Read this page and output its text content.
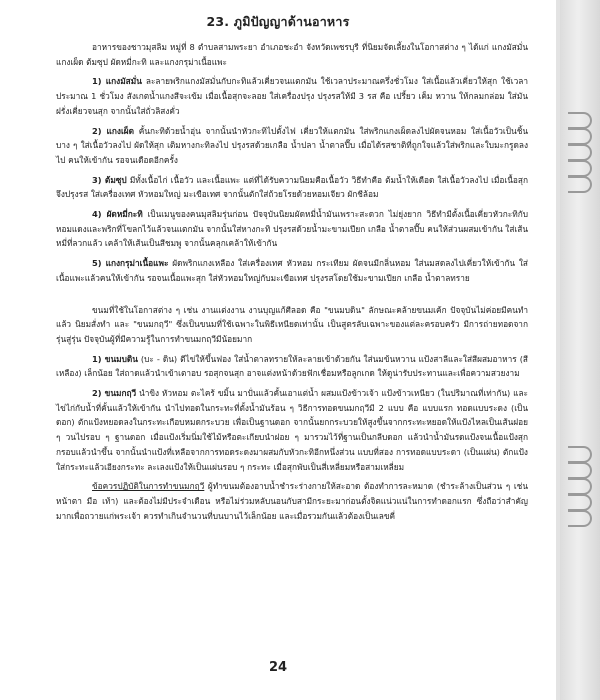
23. ภูมิปัญญาด้านอาหาร

อาหารของชาวมุสลิม หมู่ที่ 8 ตำบลสามพระยา อำเภอชะอำ จังหวัดเพชรบุรี ที่นิยมจัดเลี้ยงในโอกาสต่าง ๆ ได้แก่ แกงมัสมั่น แกงเผ็ด ต้มซุป ผัดหมี่กะทิ และแกงกรุม่าเนื้อแพะ

1) แกงมัสมั่น ละลายพริกแกงมัสมั่นกับกะทิแล้วเคี่ยวจนแตกมัน ใช้เวลาประมาณครึ่งชั่วโมง ใส่เนื้อแล้วเคี่ยวให้สุก ใช้เวลาประมาณ 1 ชั่วโมง สังเกตน้ำแกงสีจะเข้ม เมื่อเนื้อสุกจะลอย ใส่เครื่องปรุง ปรุงรสให้มี 3 รส คือ เปรี้ยว เค็ม หวาน ให้กลมกล่อม ใส่มันฝรั่งเคี่ยวจนสุก จากนั้นใส่ถั่วลิสงคั่ว

2) แกงเผ็ด คั้นกะทิด้วยน้ำอุ่น จากนั้นนำหัวกะทิไปตั้งไฟ เคี่ยวให้แตกมัน ใส่พริกแกงเผ็ดลงไปผัดจนหอม ใส่เนื้อวัวเป็นชิ้นบาง ๆ ใส่เนื้อวัวลงไป ผัดให้สุก เติมหางกะทิลงไป ปรุงรสด้วยเกลือ น้ำปลา น้ำตาลปี๊บ เมื่อได้รสชาติที่ถูกใจแล้วใส่พริกและใบมะกรูดลงไป คนให้เข้ากัน รอจนเดือดอีกครั้ง

3) ต้มซุป มีทั้งเนื้อไก่ เนื้อวัว และเนื้อแพะ แต่ที่ได้รับความนิยมคือเนื้อวัว วิธีทำคือ ต้มน้ำให้เดือด ใส่เนื้อวัวลงไป เมื่อเนื้อสุกจึงปรุงรส ใส่เครื่องเทศ หัวหอมใหญ่ มะเขือเทศ จากนั้นตักใส่ถ้วยโรยด้วยหอมเจียว ผักชีล้อม

4) ผัดหมี่กะทิ เป็นเมนูของคนมุสลิมรุ่นก่อน ปัจจุบันนิยมผัดหมี่น้ำมันเพราะสะดวก ไม่ยุ่งยาก วิธีทำมีตั้งเนื้อเคี่ยวหัวกะทิกับหอมแดงและพริกที่โขลกไว้แล้วจนแตกมัน จากนั้นใส่หางกะทิ ปรุงรสด้วยน้ำมะขามเปียก เกลือ น้ำตาลปี๊บ คนให้ส่วนผสมเข้ากัน ใส่เส้นหมี่ที่ลวกแล้ว เคล้าให้เส้นเป็นสีชมพู จากนั้นคลุกเคล้าให้เข้ากัน

5) แกงกรุม่าเนื้อแพะ ผัดพริกแกงเหลือง ใส่เครื่องเทศ หัวหอม กระเทียม ผัดจนมีกลิ่นหอม ใส่นมสดลงไปเคี่ยวให้เข้ากัน ใส่เนื้อแพะแล้วคนให้เข้ากัน รอจนเนื้อแพะสุก ใส่หัวหอมใหญ่กับมะเขือเทศ ปรุงรสโดยใช้มะขามเปียก เกลือ น้ำตาลทราย

ขนมที่ใช้ในโอกาสต่าง ๆ เช่น งานแต่งงาน งานบุญแก้ศีลอด คือ "ขนมบดิน" ลักษณะคล้ายขนมเค้ก ปัจจุบันไม่ค่อยมีคนทำแล้ว นิยมสั่งทำ และ "ขนมกฤวี" ซึ่งเป็นขนมที่ใช้เฉพาะในพิธีเหนียดเท่านั้น เป็นสูตรลับเฉพาะของแต่ละครอบครัว มีการถ่ายทอดจากรุ่นสู่รุ่น ปัจจุบันผู้ที่มีความรู้ในการทำขนมกฤวีมีน้อยมาก

1) ขนมบดิน (บะ - ดิน) ตีไข่ให้ขึ้นฟอง ใส่น้ำตาลทรายให้ละลายเข้าด้วยกัน ใส่นมข้นหวาน แป้งสาลีและใส่สีผสมอาหาร (สีเหลือง) เล็กน้อย ใส่ถาดแล้วนำเข้าเตาอบ รอสุกจนสุก อาจแต่งหน้าด้วยฟักเชื่อมหรือลูกเกด ให้ดูน่ารับประทานและเพื่อความสวยงาม

2) ขนมกฤวี นำขิง หัวหอม ตะไคร้ ขมิ้น มาปั่นแล้วคั้นเอาแต่น้ำ ผสมแป้งข้าวเจ้า แป้งข้าวเหนียว (ในปริมาณที่เท่ากัน) และไข่ไก่กับน้ำที่คั้นแล้วให้เข้ากัน นำไปทอดในกระทะที่ตั้งน้ำมันร้อน ๆ วิธีการทอดขนมกฤวีมี 2 แบบ คือ แบบแรก ทอดแบบระดง (เป็นดอก) ตักแป้งหยอดลงในกระทะเกือบหมดกระบวย เพื่อเป็นฐานดอก จากนั้นยกกระบวยให้สูงขึ้นจากกระทะหยอดให้แป้งไหลเป็นเส้นฝอย ๆ วนไปรอบ ๆ ฐานดอก เมื่อแป้งเริ่มนิ่มใช้ไม้หรือตะเกียบนำฝอย ๆ มารวมไว้ที่ฐานเป็นกลีบดอก แล้วนำน้ำมันรดแป้งจนเนื้อแป้งสุกกรอบแล้วนำขึ้น จากนั้นนำแป้งที่เหลือจากการทอดระดงมาผสมกับหัวกะทิอีกหนึ่งส่วน แบบที่สอง การทอดแบบระดา (เป็นแผ่น) ตักแป้งใส่กระทะแล้วเอียงกระทะ ละเลงแป้งให้เป็นแผ่นรอบ ๆ กระทะ เมื่อสุกพับเป็นสี่เหลี่ยมหรือสามเหลี่ยม

ข้อควรปฏิบัติในการทำขนมกฤวี ผู้ทำขนมต้องอาบน้ำชำระร่างกายให้สะอาด ต้องทำการละหมาด (ชำระล้างเป็นส่วน ๆ เช่น หน้าตา มือ เท้า) และต้องไม่มีประจำเดือน หรือไม่ร่วมหลับนอนกับสามีกระยะมาก่อนตั้งจิตแน่วแน่ในการทำดอกแรก ซึ่งถือว่าสำคัญมากเพื่อถวายแก่พระเจ้า ควรทำเกินจำนวนที่บนบานไว้เล็กน้อย และเมื่อรวมกันแล้วต้องเป็นเลขคี่

24
